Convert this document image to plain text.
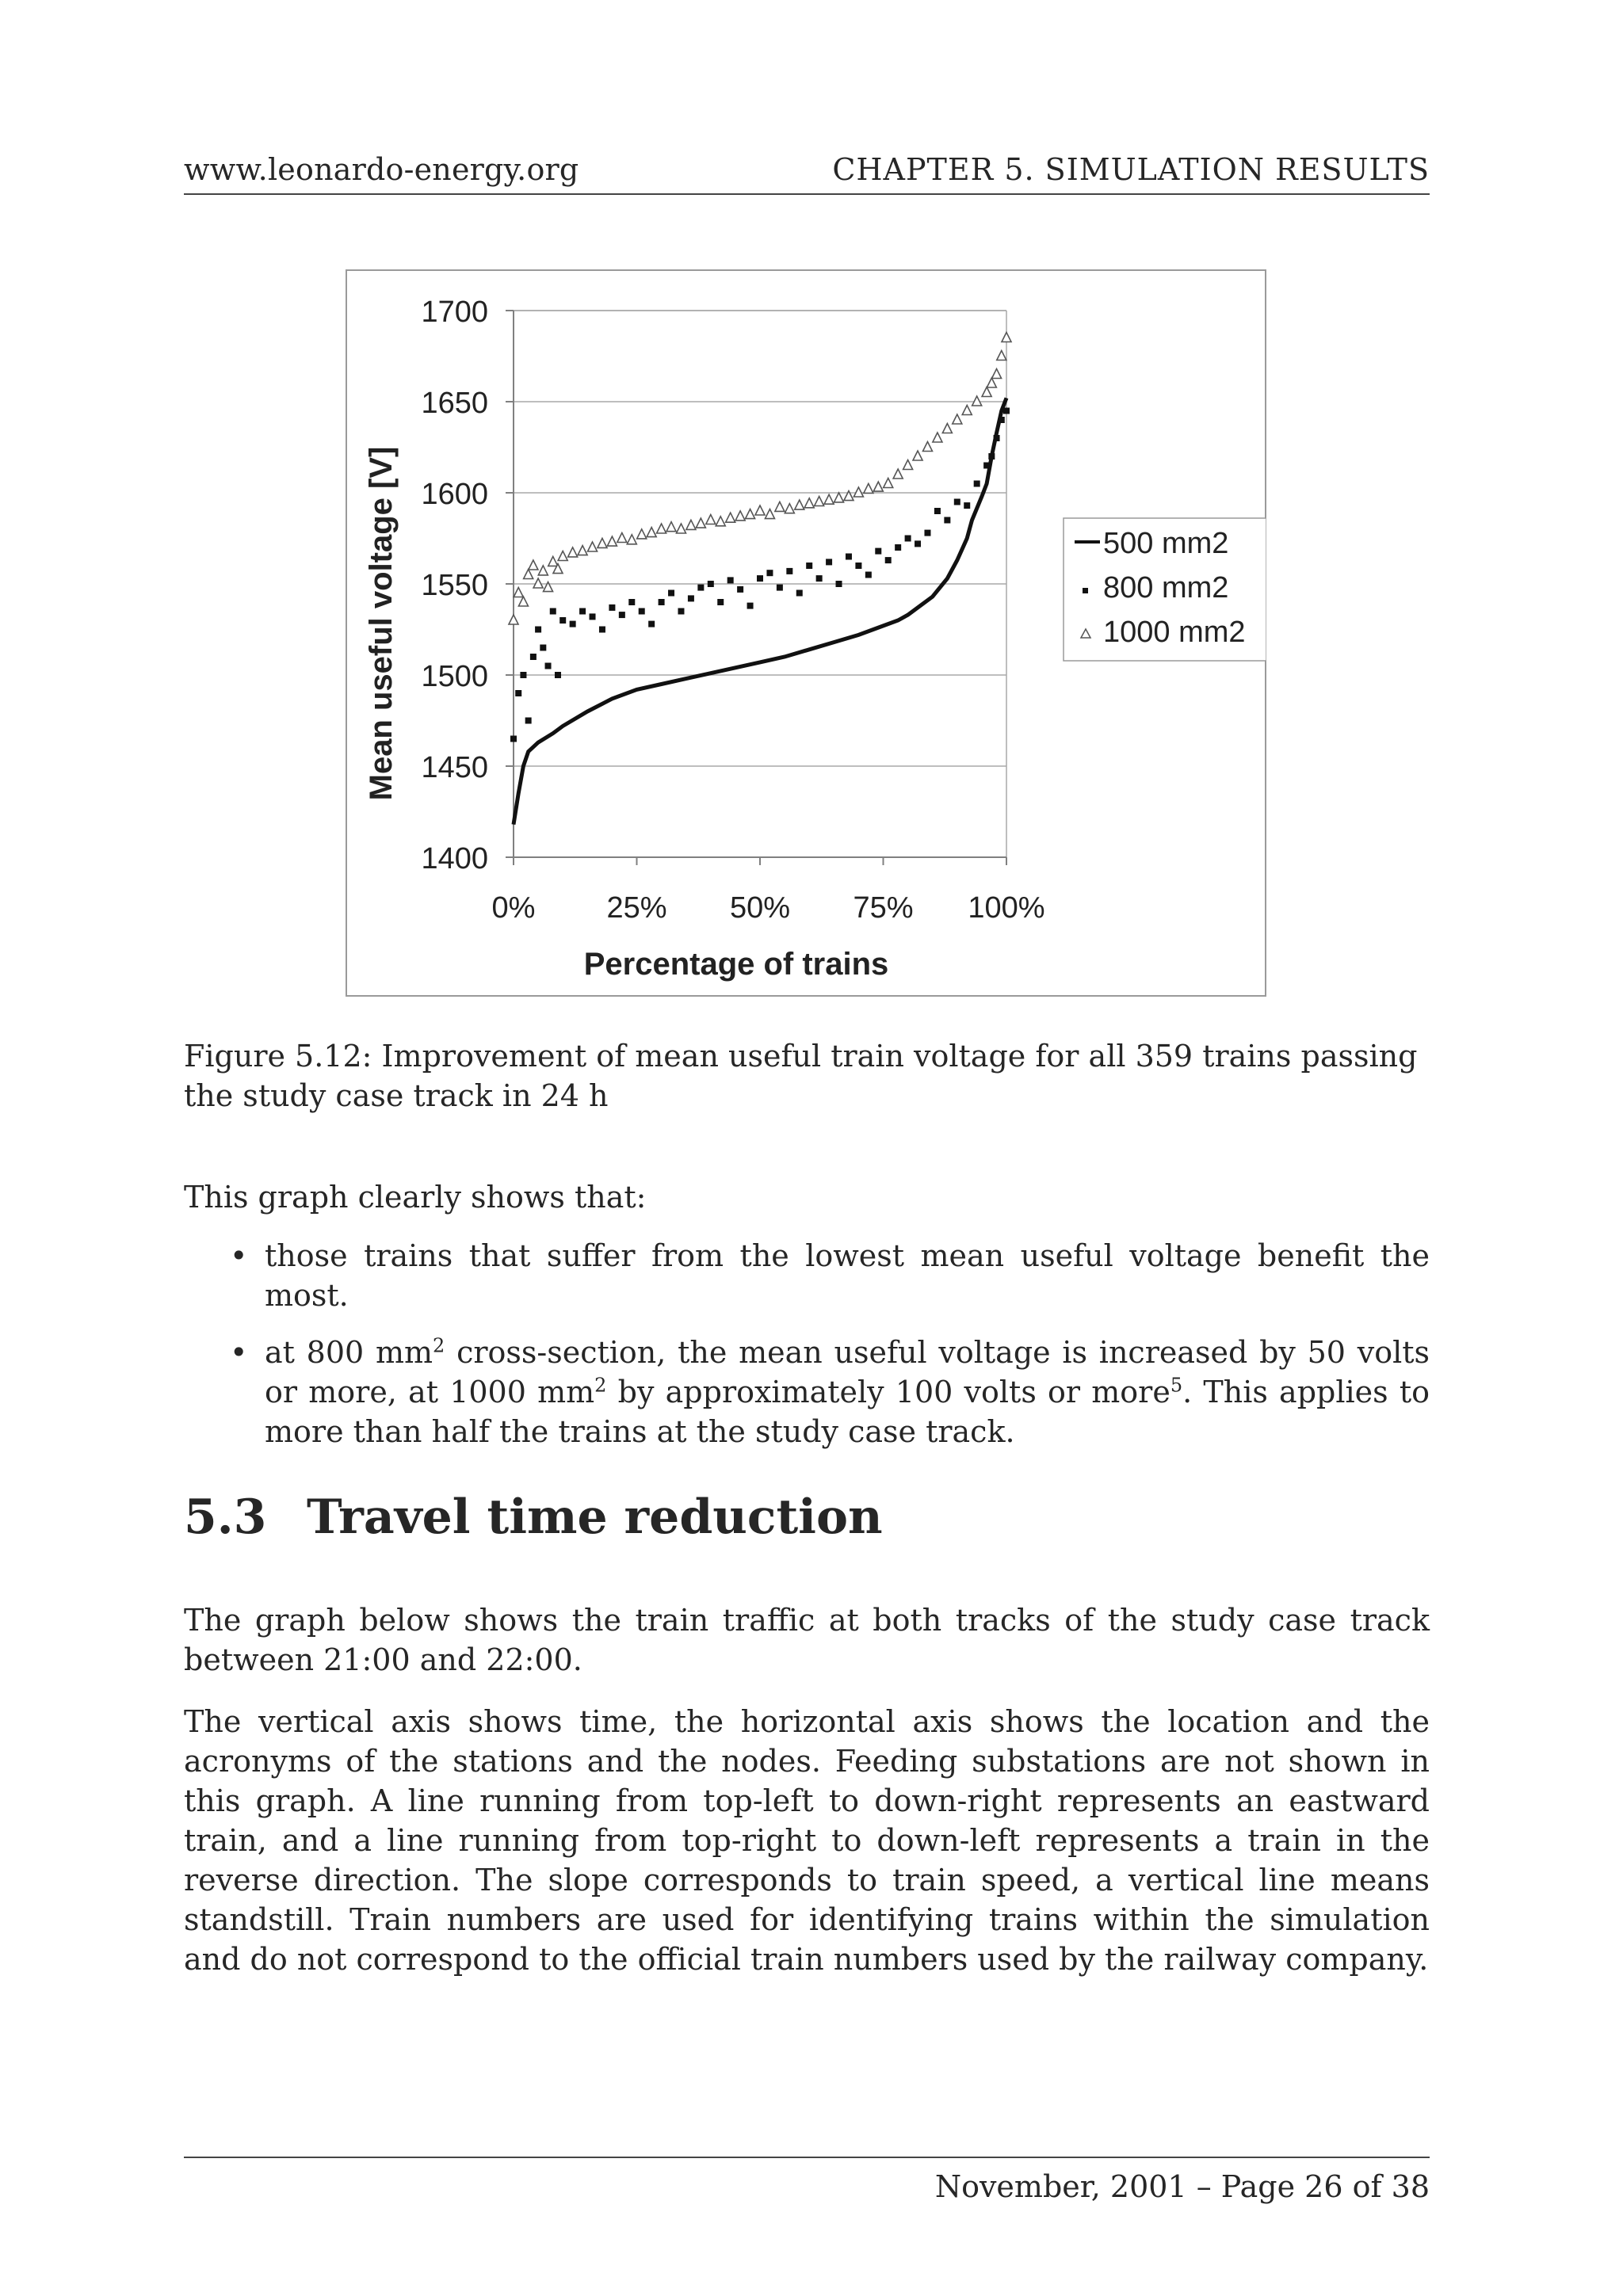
www.leonardo-energy.org	CHAPTER 5. SIMULATION RESULTS
1400
1450
1500
1550
1600
1650
1700
0% 25% 50% 75% 100%
500 mm2
800 mm2
1000 mm2
Percentage of trains
Mean useful voltage [V]
Figure 5.12: Improvement of mean useful train voltage for all 359 trains passing the study case track in 24 h
This graph clearly shows that:
• those trains that suffer from the lowest mean useful voltage benefit the most.
• at 800 $mm^2$ cross-section, the mean useful voltage is increased by 50 volts or more, at 1000 $mm^2$ by approximately 100 volts or more$^5$. This applies to more than half the trains at the study case track.
5.3 Travel time reduction

The graph below shows the train traffic at both tracks of the study case track between 21:00 and 22:00.

The vertical axis shows time, the horizontal axis shows the location and the acronyms of the stations and the nodes. Feeding substations are not shown in this graph. A line running from top-left to down-right represents an eastward train, and a line running from top-right to down-left represents a train in the reverse direction. The slope corresponds to train speed, a vertical line means standstill. Train numbers are used for identifying trains within the simulation and do not correspond to the official train numbers used by the railway company.

November, 2001 – Page 26 of 38
